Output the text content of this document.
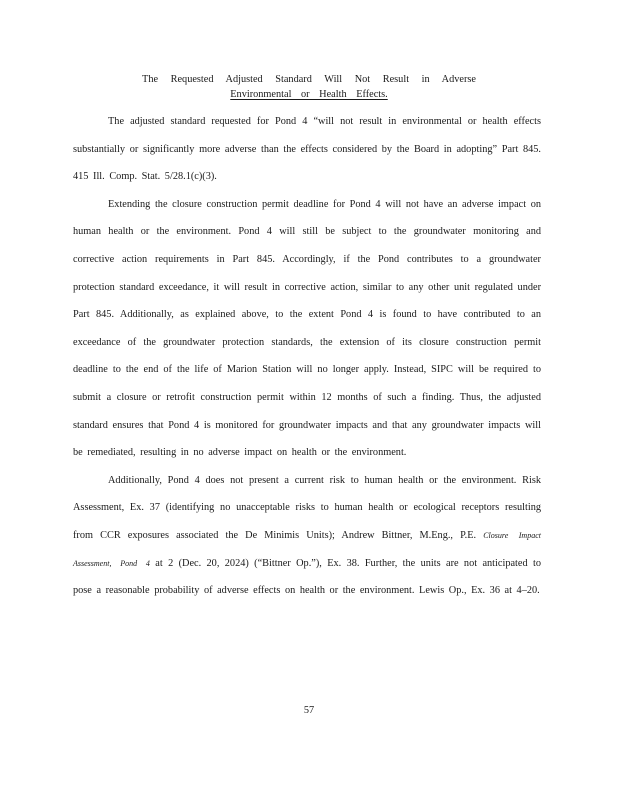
The Requested Adjusted Standard Will Not Result in Adverse
Environmental or Health Effects.

The adjusted standard requested for Pond 4 “will not result in environmental or health effects substantially or significantly more adverse than the effects considered by the Board in adopting” Part 845. 415 Ill. Comp. Stat. 5/28.1(c)(3).

Extending the closure construction permit deadline for Pond 4 will not have an adverse impact on human health or the environment. Pond 4 will still be subject to the groundwater monitoring and corrective action requirements in Part 845. Accordingly, if the Pond contributes to a groundwater protection standard exceedance, it will result in corrective action, similar to any other unit regulated under Part 845. Additionally, as explained above, to the extent Pond 4 is found to have contributed to an exceedance of the groundwater protection standards, the extension of its closure construction permit deadline to the end of the life of Marion Station will no longer apply. Instead, SIPC will be required to submit a closure or retrofit construction permit within 12 months of such a finding. Thus, the adjusted standard ensures that Pond 4 is monitored for groundwater impacts and that any groundwater impacts will be remediated, resulting in no adverse impact on health or the environment.

Additionally, Pond 4 does not present a current risk to human health or the environment. Risk Assessment, Ex. 37 (identifying no unacceptable risks to human health or ecological receptors resulting from CCR exposures associated the De Minimis Units); Andrew Bittner, M.Eng., P.E. Closure Impact Assessment, Pond 4 at 2 (Dec. 20, 2024) (“Bittner Op.”), Ex. 38. Further, the units are not anticipated to pose a reasonable probability of adverse effects on health or the environment. Lewis Op., Ex. 36 at 4–20.

57
